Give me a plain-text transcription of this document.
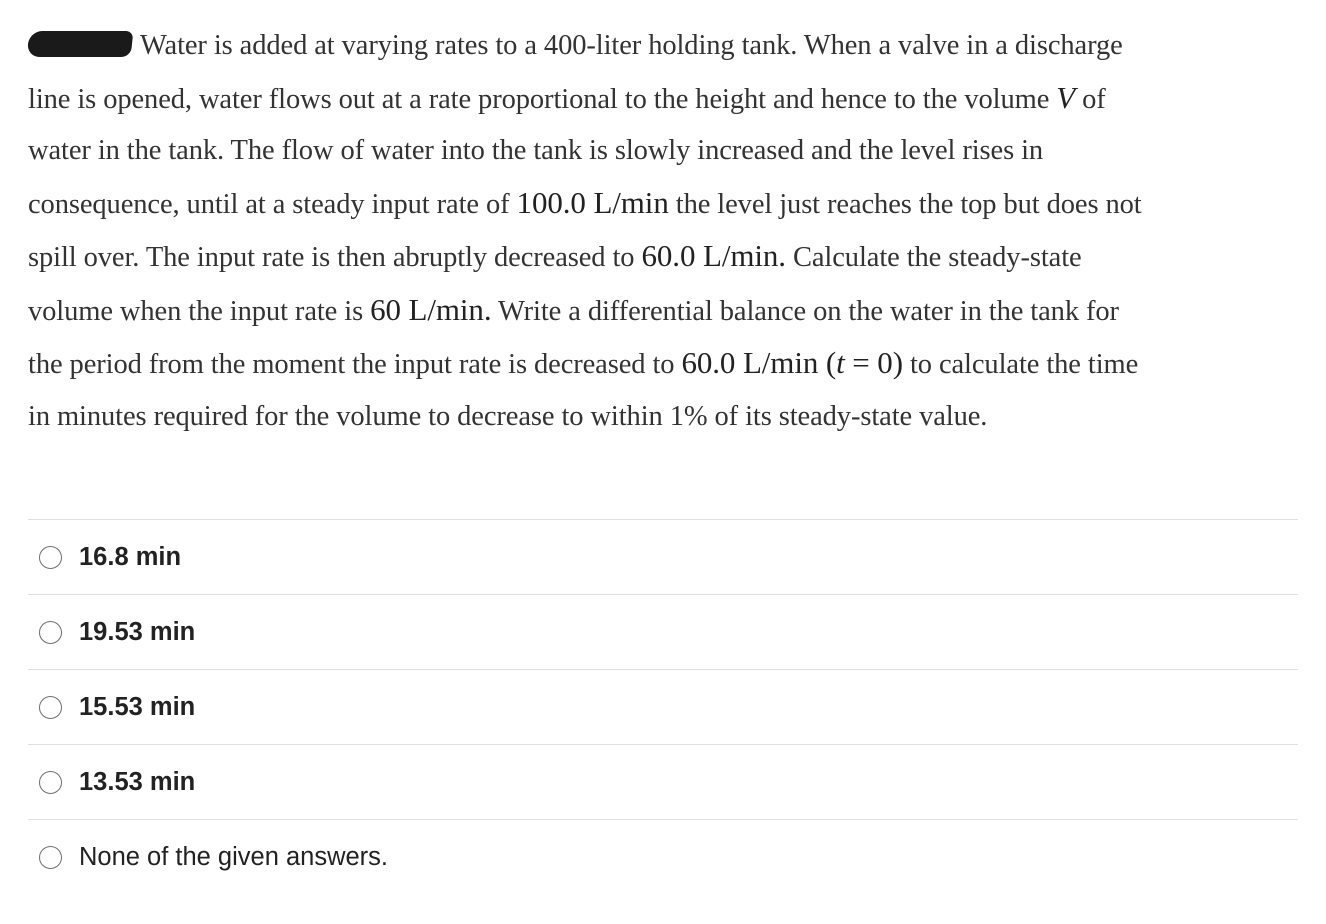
Water is added at varying rates to a 400-liter holding tank. When a valve in a discharge
line is opened, water flows out at a rate proportional to the height and hence to the volume V of
water in the tank. The flow of water into the tank is slowly increased and the level rises in
consequence, until at a steady input rate of 100.0 L/min the level just reaches the top but does not
spill over. The input rate is then abruptly decreased to 60.0 L/min. Calculate the steady-state
volume when the input rate is 60 L/min. Write a differential balance on the water in the tank for
the period from the moment the input rate is decreased to 60.0 L/min (t = 0) to calculate the time
in minutes required for the volume to decrease to within 1% of its steady-state value.
16.8 min
19.53 min
15.53 min
13.53 min
None of the given answers.
